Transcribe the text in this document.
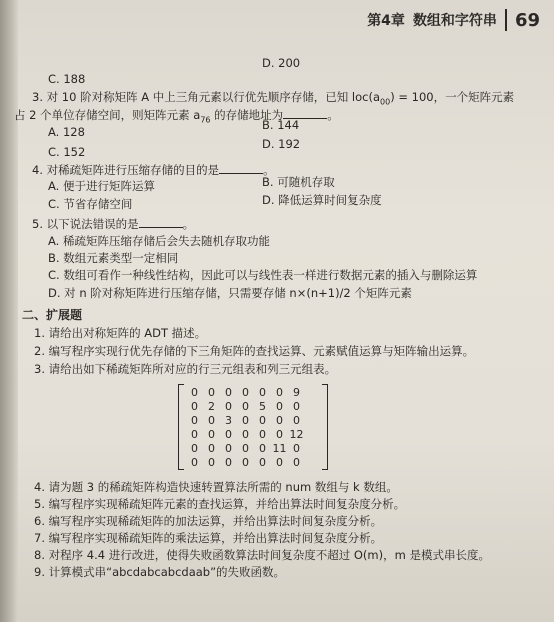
第4章 数组和字符串 69
D. 200
C. 188
3. 对 10 阶对称矩阵 A 中上三角元素以行优先顺序存储，已知 $loc(a_{00}) = 100$，一个矩阵元素
占 2 个单位存储空间，则矩阵元素 $a_{76}$ 的存储地址为	。
A. 128	B. 144
C. 152
D. 192
4. 对稀疏矩阵进行压缩存储的目的是	。
A. 便于进行矩阵运算	B. 可随机存取
C. 节省存储空间	D. 降低运算时间复杂度
5. 以下说法错误的是	。
A. 稀疏矩阵压缩存储后会失去随机存取功能
B. 数组元素类型一定相同
C. 数组可看作一种线性结构，因此可以与线性表一样进行数据元素的插入与删除运算
D. 对 n 阶对称矩阵进行压缩存储，只需要存储 n×(n+1)/2 个矩阵元素
二、扩展题
1. 请给出对称矩阵的 ADT 描述。
2. 编写程序实现行优先存储的下三角矩阵的查找运算、元素赋值运算与矩阵输出运算。
3. 请给出如下稀疏矩阵所对应的行三元组表和列三元组表。
0 0 0 0 0 0 9
0 2 0 0 5 0 0
0 0 3 0 0 0 0
0 0 0 0 0 0 12
0 0 0 0 0 11 0
0 0 0 0 0 0 0
4. 请为题 3 的稀疏矩阵构造快速转置算法所需的 num 数组与 k 数组。
5. 编写程序实现稀疏矩阵元素的查找运算，并给出算法时间复杂度分析。
6. 编写程序实现稀疏矩阵的加法运算，并给出算法时间复杂度分析。
7. 编写程序实现稀疏矩阵的乘法运算，并给出算法时间复杂度分析。
8. 对程序 4.4 进行改进，使得失败函数算法时间复杂度不超过 O(m)，m 是模式串长度。
9. 计算模式串“abcdabcabcdaab”的失败函数。
